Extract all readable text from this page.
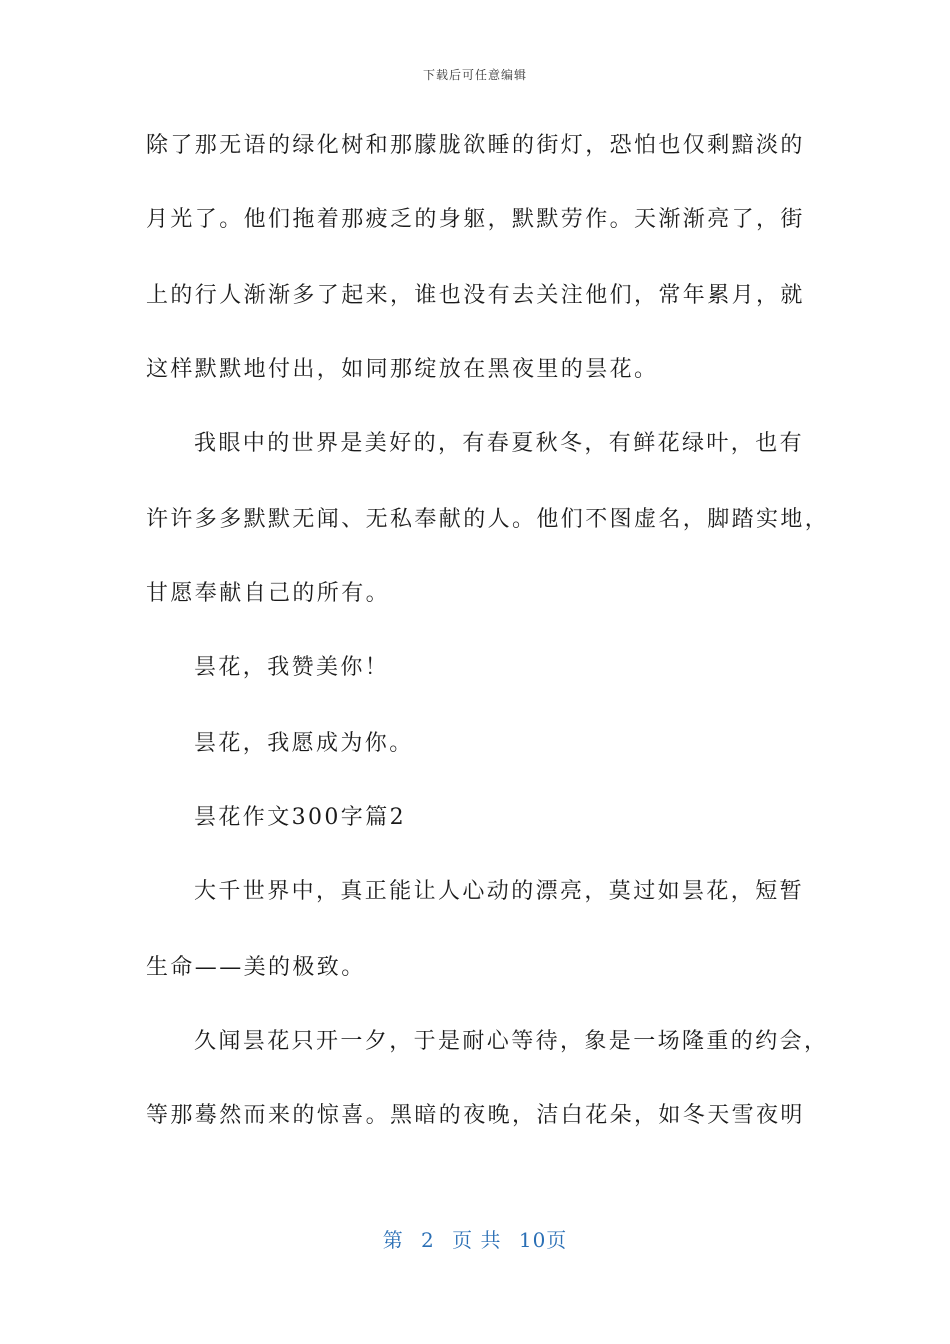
下载后可任意编辑
除了那无语的绿化树和那朦胧欲睡的街灯，恐怕也仅剩黯淡的
月光了。他们拖着那疲乏的身躯，默默劳作。天渐渐亮了，街
上的行人渐渐多了起来，谁也没有去关注他们，常年累月，就
这样默默地付出，如同那绽放在黑夜里的昙花。
我眼中的世界是美好的，有春夏秋冬，有鲜花绿叶，也有
许许多多默默无闻、无私奉献的人。他们不图虚名，脚踏实地，
甘愿奉献自己的所有。
昙花，我赞美你！
昙花，我愿成为你。
昙花作文300字篇2
大千世界中，真正能让人心动的漂亮，莫过如昙花，短暂
生命——美的极致。
久闻昙花只开一夕，于是耐心等待，象是一场隆重的约会，
等那蓦然而来的惊喜。黑暗的夜晚，洁白花朵，如冬天雪夜明
第 2 页 共 10页
